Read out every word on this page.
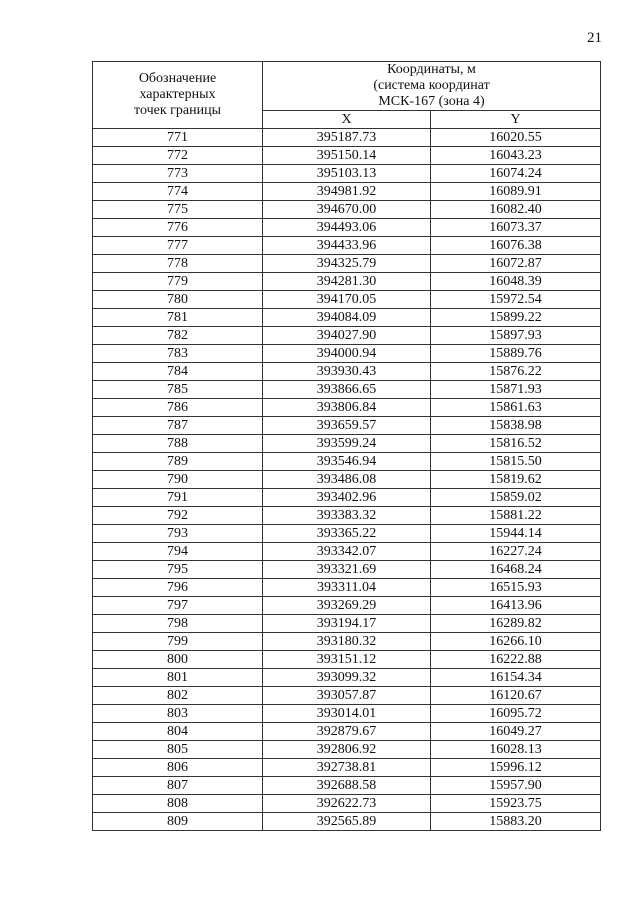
21
Обозначение
характерных
точек границы	Координаты, м
(система координат
МСК-167 (зона 4)	

	X	Y
771	395187.73	16020.55
772	395150.14	16043.23
773	395103.13	16074.24
774	394981.92	16089.91
775	394670.00	16082.40
776	394493.06	16073.37
777	394433.96	16076.38
778	394325.79	16072.87
779	394281.30	16048.39
780	394170.05	15972.54
781	394084.09	15899.22
782	394027.90	15897.93
783	394000.94	15889.76
784	393930.43	15876.22
785	393866.65	15871.93
786	393806.84	15861.63
787	393659.57	15838.98
788	393599.24	15816.52
789	393546.94	15815.50
790	393486.08	15819.62
791	393402.96	15859.02
792	393383.32	15881.22
793	393365.22	15944.14
794	393342.07	16227.24
795	393321.69	16468.24
796	393311.04	16515.93
797	393269.29	16413.96
798	393194.17	16289.82
799	393180.32	16266.10
800	393151.12	16222.88
801	393099.32	16154.34
802	393057.87	16120.67
803	393014.01	16095.72
804	392879.67	16049.27
805	392806.92	16028.13
806	392738.81	15996.12
807	392688.58	15957.90
808	392622.73	15923.75
809	392565.89	15883.20
